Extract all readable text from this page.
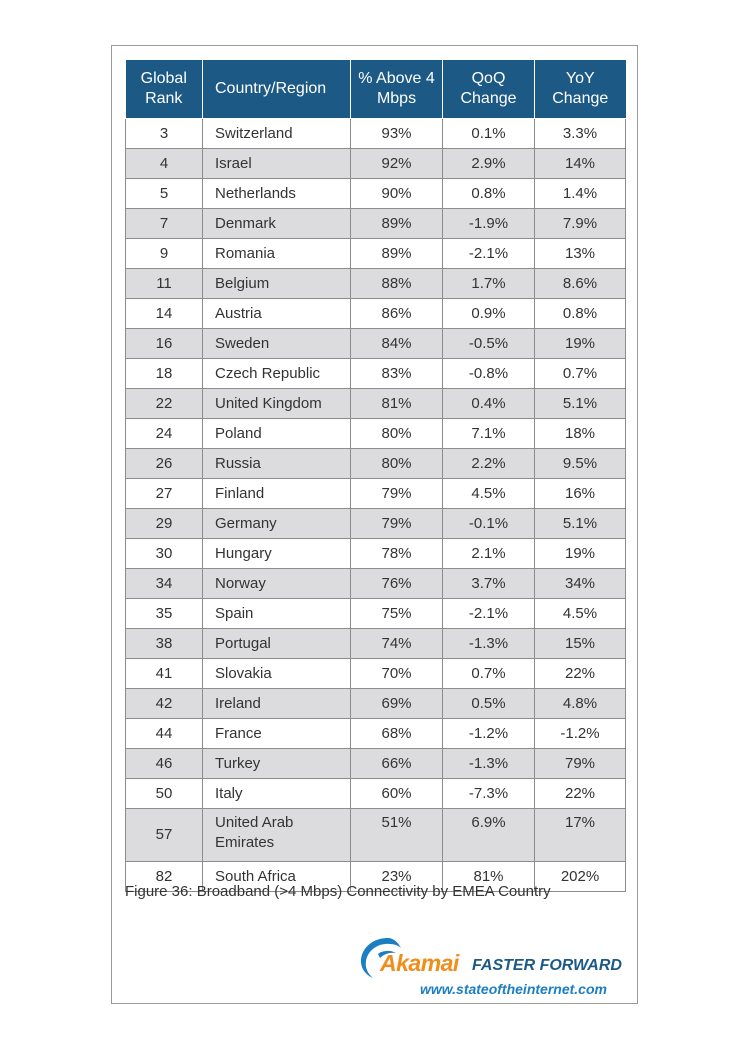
Global Rank	Country/Region	% Above 4 Mbps	QoQ Change	YoY Change
3	Switzerland	93%	0.1%	3.3%
4	Israel	92%	2.9%	14%
5	Netherlands	90%	0.8%	1.4%
7	Denmark	89%	-1.9%	7.9%
9	Romania	89%	-2.1%	13%
11	Belgium	88%	1.7%	8.6%
14	Austria	86%	0.9%	0.8%
16	Sweden	84%	-0.5%	19%
18	Czech Republic	83%	-0.8%	0.7%
22	United Kingdom	81%	0.4%	5.1%
24	Poland	80%	7.1%	18%
26	Russia	80%	2.2%	9.5%
27	Finland	79%	4.5%	16%
29	Germany	79%	-0.1%	5.1%
30	Hungary	78%	2.1%	19%
34	Norway	76%	3.7%	34%
35	Spain	75%	-2.1%	4.5%
38	Portugal	74%	-1.3%	15%
41	Slovakia	70%	0.7%	22%
42	Ireland	69%	0.5%	4.8%
44	France	68%	-1.2%	-1.2%
46	Turkey	66%	-1.3%	79%
50	Italy	60%	-7.3%	22%
57	United Arab Emirates	51%	6.9%	17%
82	South Africa	23%	81%	202%
Figure 36: Broadband (>4 Mbps) Connectivity by EMEA Country
Akamai FASTER FORWARD
www.stateoftheinternet.com
